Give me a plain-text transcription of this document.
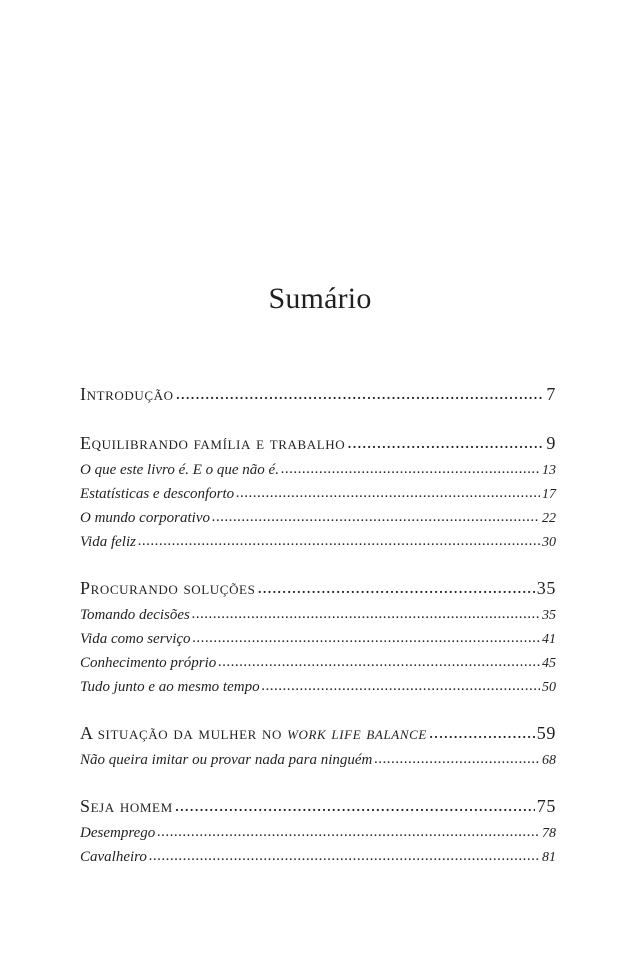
Sumário
Introdução .....	7
Equilibrando família e trabalho .....	9
O que este livro é. E o que não é. .....	13
Estatísticas e desconforto .....	17
O mundo corporativo .....	22
Vida feliz .....	30
Procurando soluções .....	35
Tomando decisões .....	35
Vida como serviço .....	41
Conhecimento próprio .....	45
Tudo junto e ao mesmo tempo .....	50
A situação da mulher no work life balance .....	59
Não queira imitar ou provar nada para ninguém .....	68
Seja homem .....	75
Desemprego .....	78
Cavalheiro .....	81
